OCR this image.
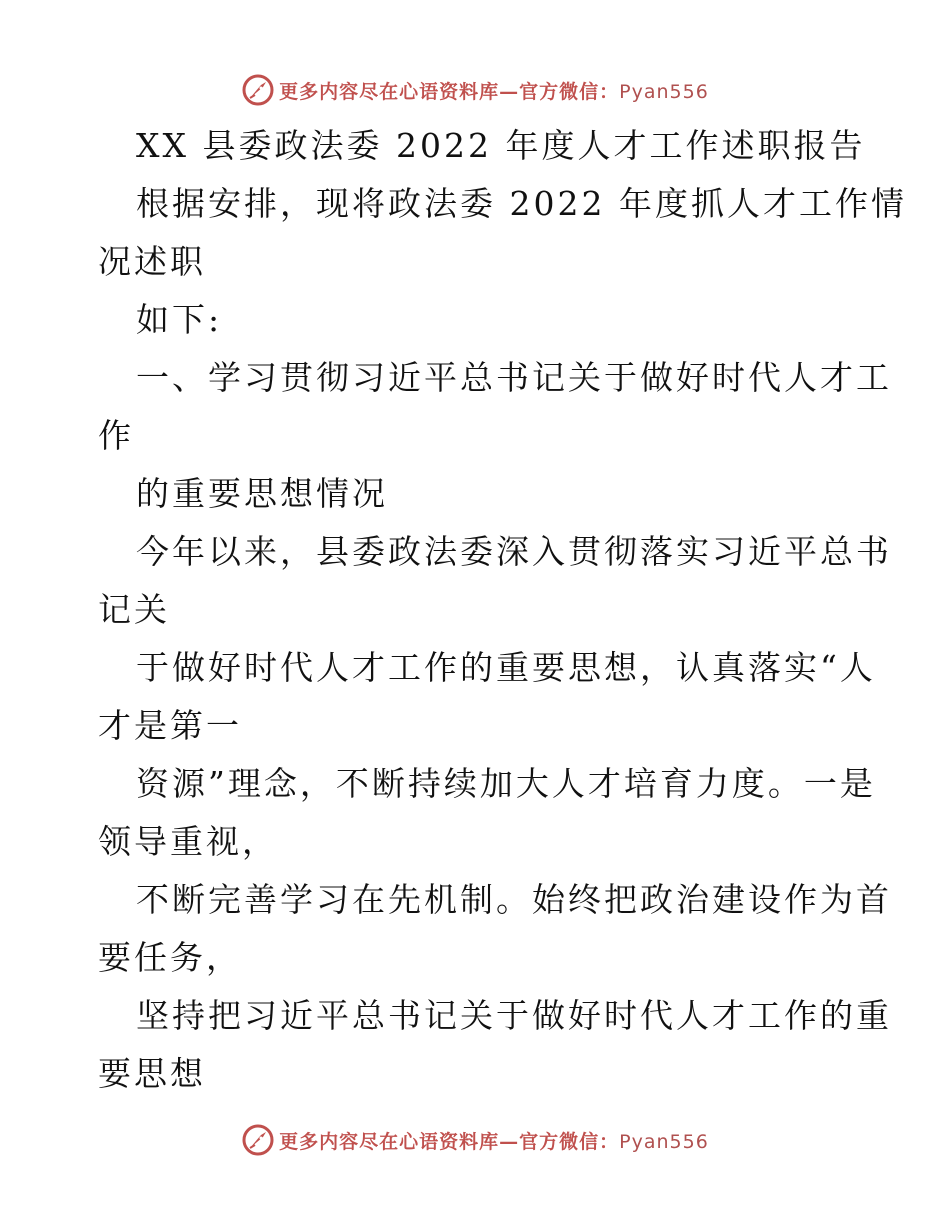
更多内容尽在心语资料库—官方微信：Pyan556
XX 县委政法委 2022 年度人才工作述职报告
根据安排，现将政法委 2022 年度抓人才工作情
况述职
如下:
一、学习贯彻习近平总书记关于做好时代人才工
作
的重要思想情况
今年以来，县委政法委深入贯彻落实习近平总书
记关
于做好时代人才工作的重要思想，认真落实“人
才是第一
资源”理念，不断持续加大人才培育力度。一是
领导重视，
不断完善学习在先机制。始终把政治建设作为首
要任务，
坚持把习近平总书记关于做好时代人才工作的重
要思想
更多内容尽在心语资料库—官方微信：Pyan556
